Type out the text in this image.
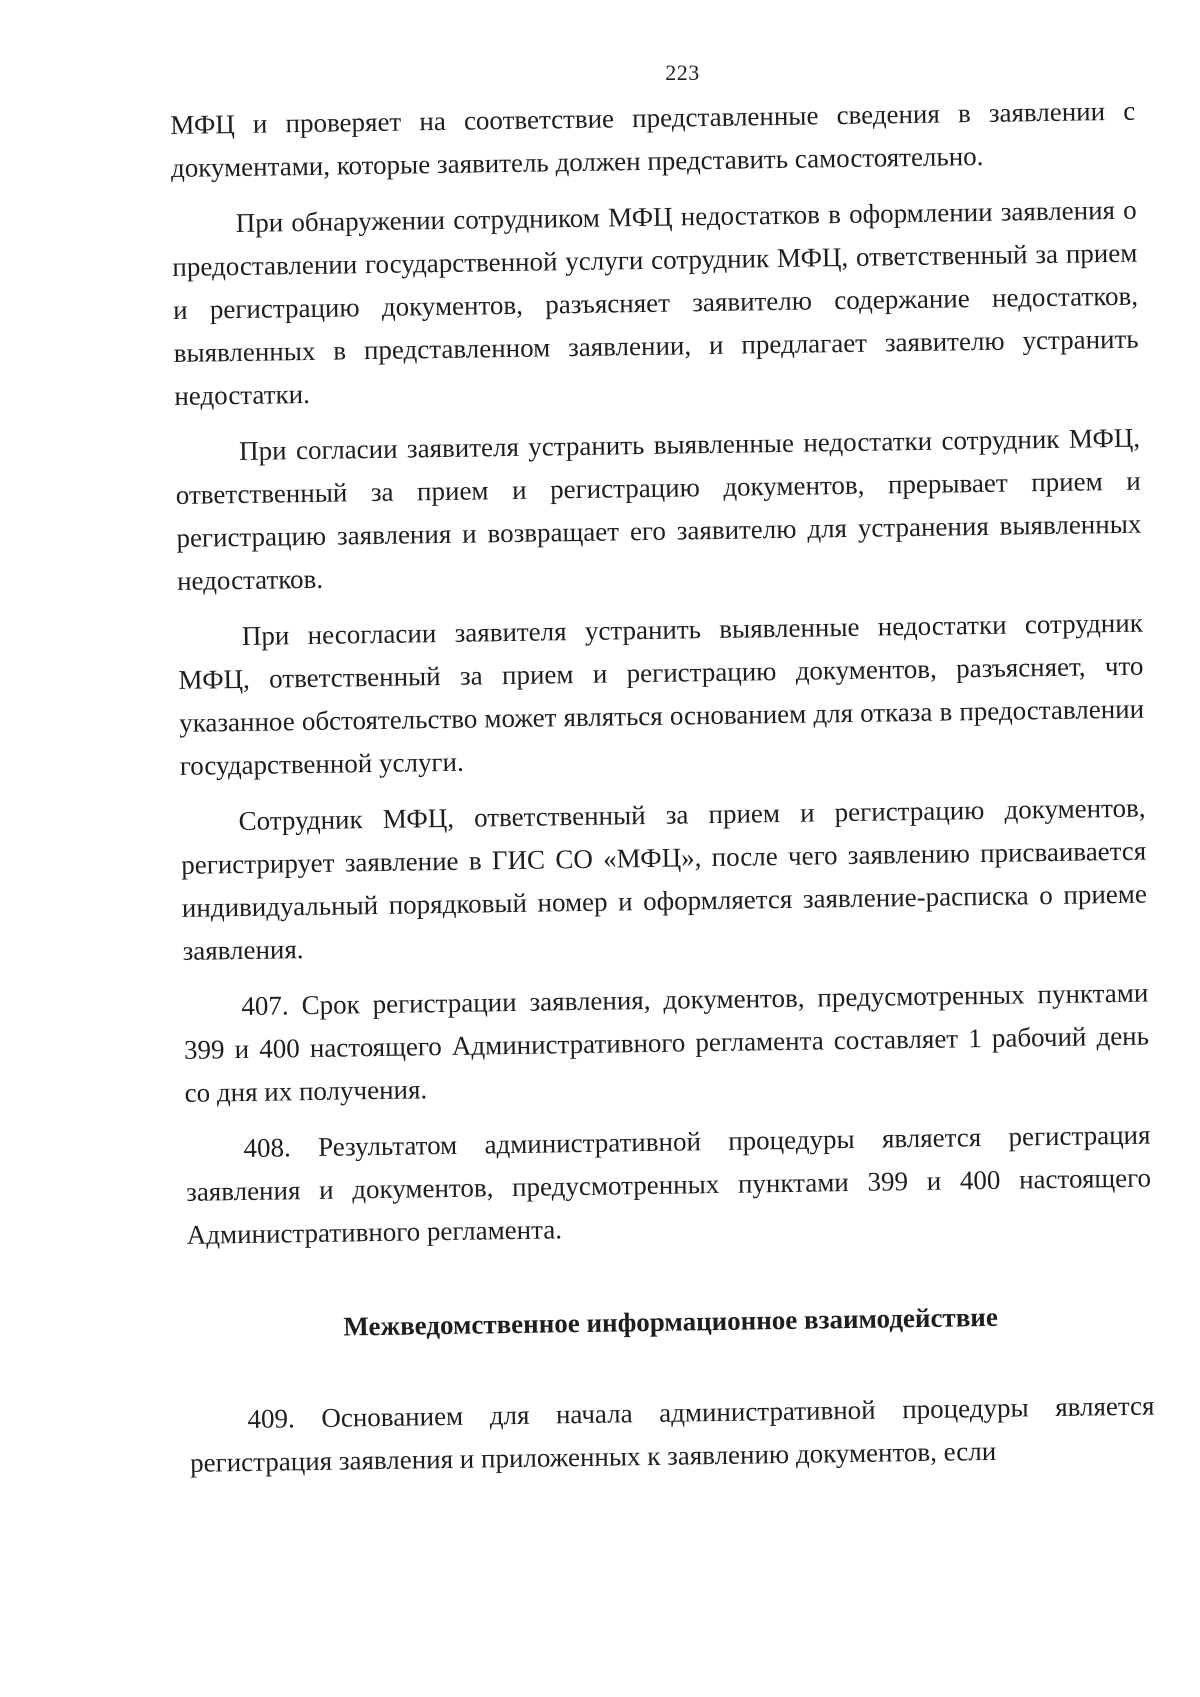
223

МФЦ и проверяет на соответствие представленные сведения в заявлении с документами, которые заявитель должен представить самостоятельно.

При обнаружении сотрудником МФЦ недостатков в оформлении заявления о предоставлении государственной услуги сотрудник МФЦ, ответственный за прием и регистрацию документов, разъясняет заявителю содержание недостатков, выявленных в представленном заявлении, и предлагает заявителю устранить недостатки.

При согласии заявителя устранить выявленные недостатки сотрудник МФЦ, ответственный за прием и регистрацию документов, прерывает прием и регистрацию заявления и возвращает его заявителю для устранения выявленных недостатков.

При несогласии заявителя устранить выявленные недостатки сотрудник МФЦ, ответственный за прием и регистрацию документов, разъясняет, что указанное обстоятельство может являться основанием для отказа в предоставлении государственной услуги.

Сотрудник МФЦ, ответственный за прием и регистрацию документов, регистрирует заявление в ГИС СО «МФЦ», после чего заявлению присваивается индивидуальный порядковый номер и оформляется заявление-расписка о приеме заявления.

407. Срок регистрации заявления, документов, предусмотренных пунктами 399 и 400 настоящего Административного регламента составляет 1 рабочий день со дня их получения.

408. Результатом административной процедуры является регистрация заявления и документов, предусмотренных пунктами 399 и 400 настоящего Административного регламента.

Межведомственное информационное взаимодействие

409. Основанием для начала административной процедуры является регистрация заявления и приложенных к заявлению документов, если
